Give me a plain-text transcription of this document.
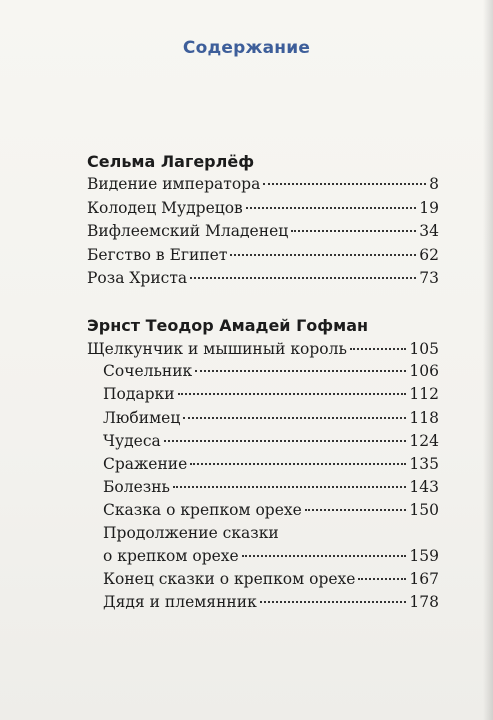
Содержание
Сельма Лагерлёф
Видение императора	8
Колодец Мудрецов	19
Вифлеемский Младенец	34
Бегство в Египет	62
Роза Христа	73
Эрнст Теодор Амадей Гофман
Щелкунчик и мышиный король	105
Сочельник	106
Подарки	112
Любимец	118
Чудеса	124
Сражение	135
Болезнь	143
Сказка о крепком орехе	150
Продолжение сказки
о крепком орехе	159
Конец сказки о крепком орехе	167
Дядя и племянник	178
